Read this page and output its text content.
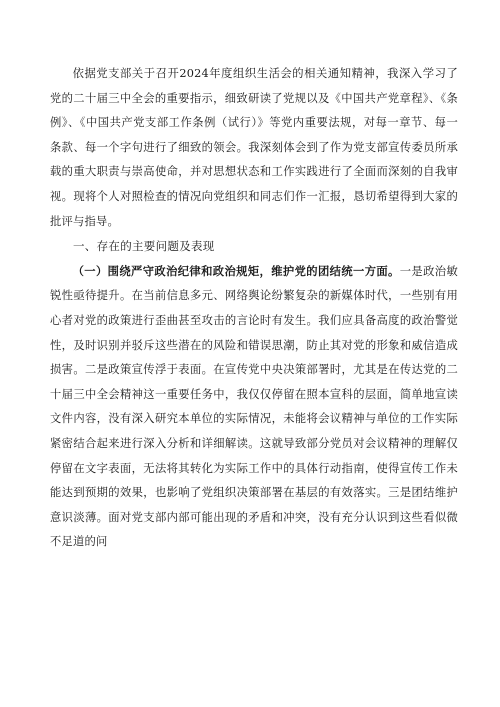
依据党支部关于召开2024年度组织生活会的相关通知精神，我深入学习了党的二十届三中全会的重要指示，细致研读了党规以及《中国共产党章程》、《条例》、《中国共产党支部工作条例（试行）》等党内重要法规，对每一章节、每一条款、每一个字句进行了细致的领会。我深刻体会到了作为党支部宣传委员所承载的重大职责与崇高使命，并对思想状态和工作实践进行了全面而深刻的自我审视。现将个人对照检查的情况向党组织和同志们作一汇报，恳切希望得到大家的批评与指导。

一、存在的主要问题及表现

（一）围绕严守政治纪律和政治规矩，维护党的团结统一方面。一是政治敏锐性亟待提升。在当前信息多元、网络舆论纷繁复杂的新媒体时代，一些别有用心者对党的政策进行歪曲甚至攻击的言论时有发生。我们应具备高度的政治警觉性，及时识别并驳斥这些潜在的风险和错误思潮，防止其对党的形象和威信造成损害。二是政策宣传浮于表面。在宣传党中央决策部署时，尤其是在传达党的二十届三中全会精神这一重要任务中，我仅仅停留在照本宣科的层面，简单地宣读文件内容，没有深入研究本单位的实际情况，未能将会议精神与单位的工作实际紧密结合起来进行深入分析和详细解读。这就导致部分党员对会议精神的理解仅停留在文字表面，无法将其转化为实际工作中的具体行动指南，使得宣传工作未能达到预期的效果，也影响了党组织决策部署在基层的有效落实。三是团结维护意识淡薄。面对党支部内部可能出现的矛盾和冲突，没有充分认识到这些看似微不足道的问
